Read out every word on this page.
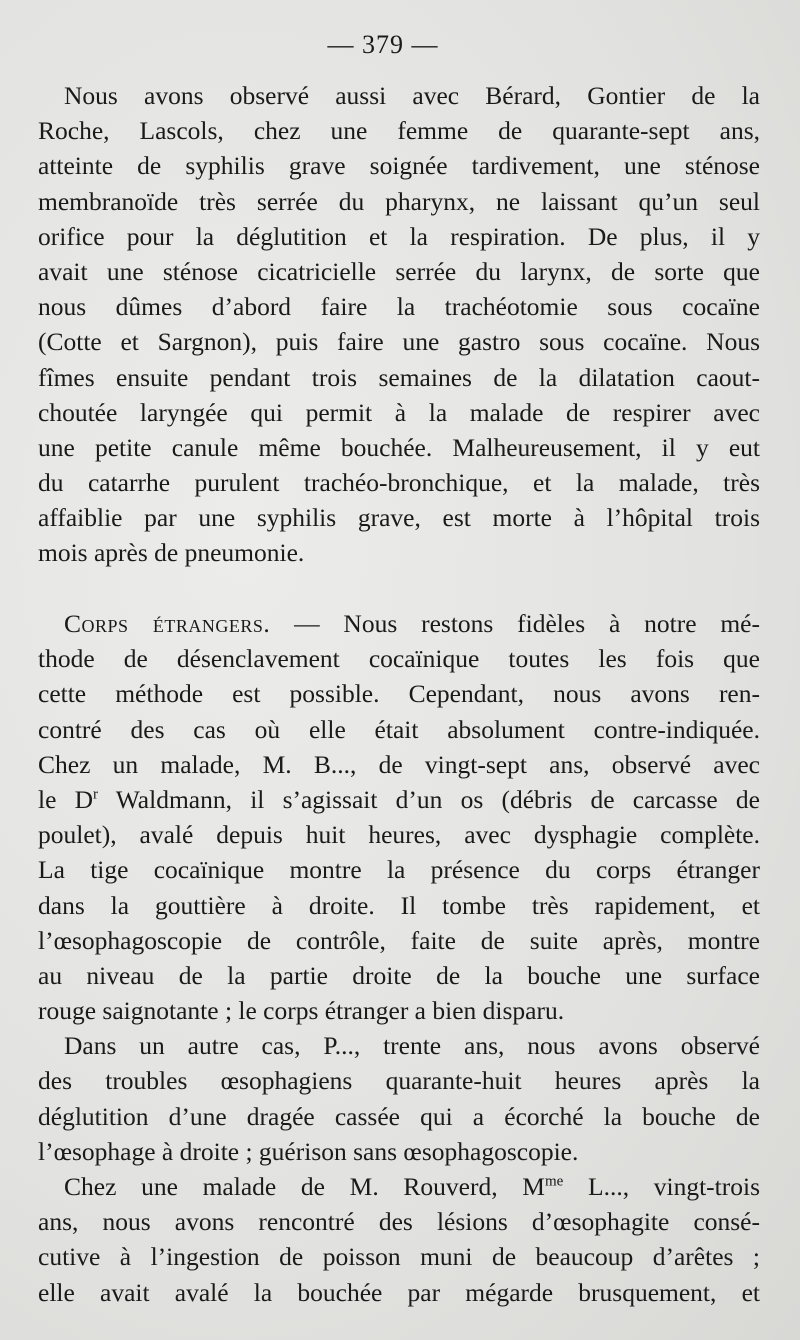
— 379 —
Nous avons observé aussi avec Bérard, Gontier de la
Roche, Lascols, chez une femme de quarante-sept ans,
atteinte de syphilis grave soignée tardivement, une sténose
membranoïde très serrée du pharynx, ne laissant qu’un seul
orifice pour la déglutition et la respiration. De plus, il y
avait une sténose cicatricielle serrée du larynx, de sorte que
nous dûmes d’abord faire la trachéotomie sous cocaïne
(Cotte et Sargnon), puis faire une gastro sous cocaïne. Nous
fîmes ensuite pendant trois semaines de la dilatation caout-
choutée laryngée qui permit à la malade de respirer avec
une petite canule même bouchée. Malheureusement, il y eut
du catarrhe purulent trachéo-bronchique, et la malade, très
affaiblie par une syphilis grave, est morte à l’hôpital trois
mois après de pneumonie.
Corps étrangers. — Nous restons fidèles à notre mé-
thode de désenclavement cocaïnique toutes les fois que
cette méthode est possible. Cependant, nous avons ren-
contré des cas où elle était absolument contre-indiquée.
Chez un malade, M. B..., de vingt-sept ans, observé avec
le $D^r$ Waldmann, il s’agissait d’un os (débris de carcasse de
poulet), avalé depuis huit heures, avec dysphagie complète.
La tige cocaïnique montre la présence du corps étranger
dans la gouttière à droite. Il tombe très rapidement, et
l’œsophagoscopie de contrôle, faite de suite après, montre
au niveau de la partie droite de la bouche une surface
rouge saignotante ; le corps étranger a bien disparu.
Dans un autre cas, P..., trente ans, nous avons observé
des troubles œsophagiens quarante-huit heures après la
déglutition d’une dragée cassée qui a écorché la bouche de
l’œsophage à droite ; guérison sans œsophagoscopie.
Chez une malade de M. Rouverd, $M^{me}$ L..., vingt-trois
ans, nous avons rencontré des lésions d’œsophagite consé-
cutive à l’ingestion de poisson muni de beaucoup d’arêtes ;
elle avait avalé la bouchée par mégarde brusquement, et
